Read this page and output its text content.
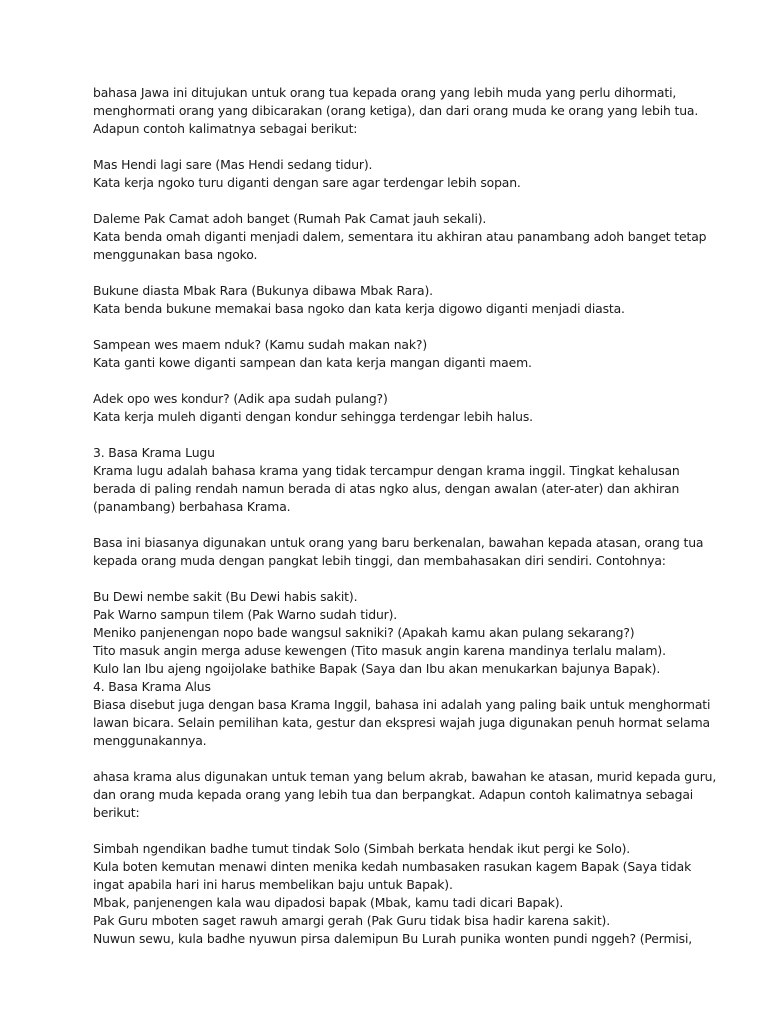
bahasa Jawa ini ditujukan untuk orang tua kepada orang yang lebih muda yang perlu dihormati,
menghormati orang yang dibicarakan (orang ketiga), dan dari orang muda ke orang yang lebih tua.
Adapun contoh kalimatnya sebagai berikut:
Mas Hendi lagi sare (Mas Hendi sedang tidur).
Kata kerja ngoko turu diganti dengan sare agar terdengar lebih sopan.
Daleme Pak Camat adoh banget (Rumah Pak Camat jauh sekali).
Kata benda omah diganti menjadi dalem, sementara itu akhiran atau panambang adoh banget tetap
menggunakan basa ngoko.
Bukune diasta Mbak Rara (Bukunya dibawa Mbak Rara).
Kata benda bukune memakai basa ngoko dan kata kerja digowo diganti menjadi diasta.
Sampean wes maem nduk? (Kamu sudah makan nak?)
Kata ganti kowe diganti sampean dan kata kerja mangan diganti maem.
Adek opo wes kondur? (Adik apa sudah pulang?)
Kata kerja muleh diganti dengan kondur sehingga terdengar lebih halus.
3. Basa Krama Lugu
Krama lugu adalah bahasa krama yang tidak tercampur dengan krama inggil. Tingkat kehalusan
berada di paling rendah namun berada di atas ngko alus, dengan awalan (ater-ater) dan akhiran
(panambang) berbahasa Krama.
Basa ini biasanya digunakan untuk orang yang baru berkenalan, bawahan kepada atasan, orang tua
kepada orang muda dengan pangkat lebih tinggi, dan membahasakan diri sendiri. Contohnya:
Bu Dewi nembe sakit (Bu Dewi habis sakit).
Pak Warno sampun tilem (Pak Warno sudah tidur).
Meniko panjenengan nopo bade wangsul sakniki? (Apakah kamu akan pulang sekarang?)
Tito masuk angin merga aduse kewengen (Tito masuk angin karena mandinya terlalu malam).
Kulo lan Ibu ajeng ngoijolake bathike Bapak (Saya dan Ibu akan menukarkan bajunya Bapak).
4. Basa Krama Alus
Biasa disebut juga dengan basa Krama Inggil, bahasa ini adalah yang paling baik untuk menghormati
lawan bicara. Selain pemilihan kata, gestur dan ekspresi wajah juga digunakan penuh hormat selama
menggunakannya.
ahasa krama alus digunakan untuk teman yang belum akrab, bawahan ke atasan, murid kepada guru,
dan orang muda kepada orang yang lebih tua dan berpangkat. Adapun contoh kalimatnya sebagai
berikut:
Simbah ngendikan badhe tumut tindak Solo (Simbah berkata hendak ikut pergi ke Solo).
Kula boten kemutan menawi dinten menika kedah numbasaken rasukan kagem Bapak (Saya tidak
ingat apabila hari ini harus membelikan baju untuk Bapak).
Mbak, panjenengen kala wau dipadosi bapak (Mbak, kamu tadi dicari Bapak).
Pak Guru mboten saget rawuh amargi gerah (Pak Guru tidak bisa hadir karena sakit).
Nuwun sewu, kula badhe nyuwun pirsa dalemipun Bu Lurah punika wonten pundi nggeh? (Permisi,
